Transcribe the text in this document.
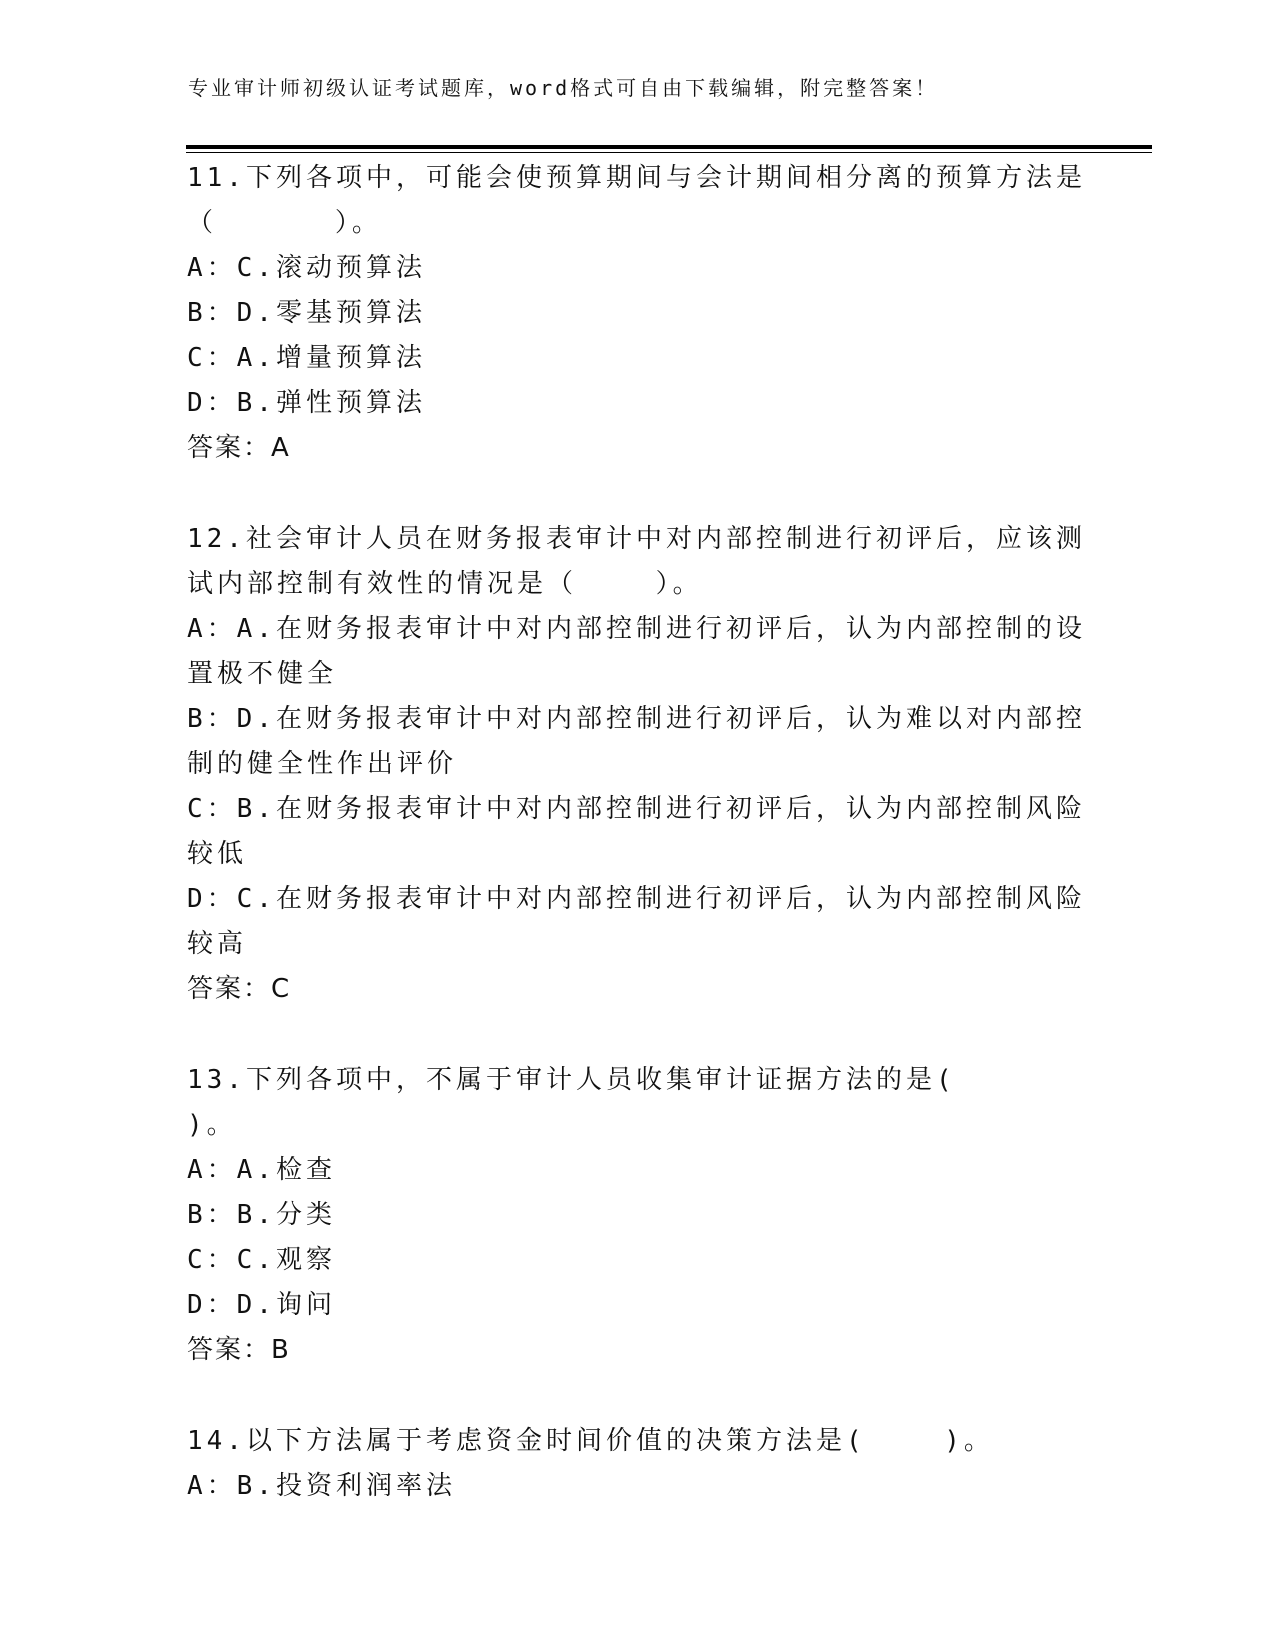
专业审计师初级认证考试题库，word格式可自由下载编辑，附完整答案！
11.下列各项中，可能会使预算期间与会计期间相分离的预算方法是（      ）。
A：C.滚动预算法
B：D.零基预算法
C：A.增量预算法
D：B.弹性预算法
答案：A
12.社会审计人员在财务报表审计中对内部控制进行初评后，应该测试内部控制有效性的情况是（    ）。
A：A.在财务报表审计中对内部控制进行初评后，认为内部控制的设置极不健全
B：D.在财务报表审计中对内部控制进行初评后，认为难以对内部控制的健全性作出评价
C：B.在财务报表审计中对内部控制进行初评后，认为内部控制风险较低
D：C.在财务报表审计中对内部控制进行初评后，认为内部控制风险较高
答案：C
13.下列各项中，不属于审计人员收集审计证据方法的是(       )。
A：A.检查
B：B.分类
C：C.观察
D：D.询问
答案：B
14.以下方法属于考虑资金时间价值的决策方法是(    )。
A：B.投资利润率法
